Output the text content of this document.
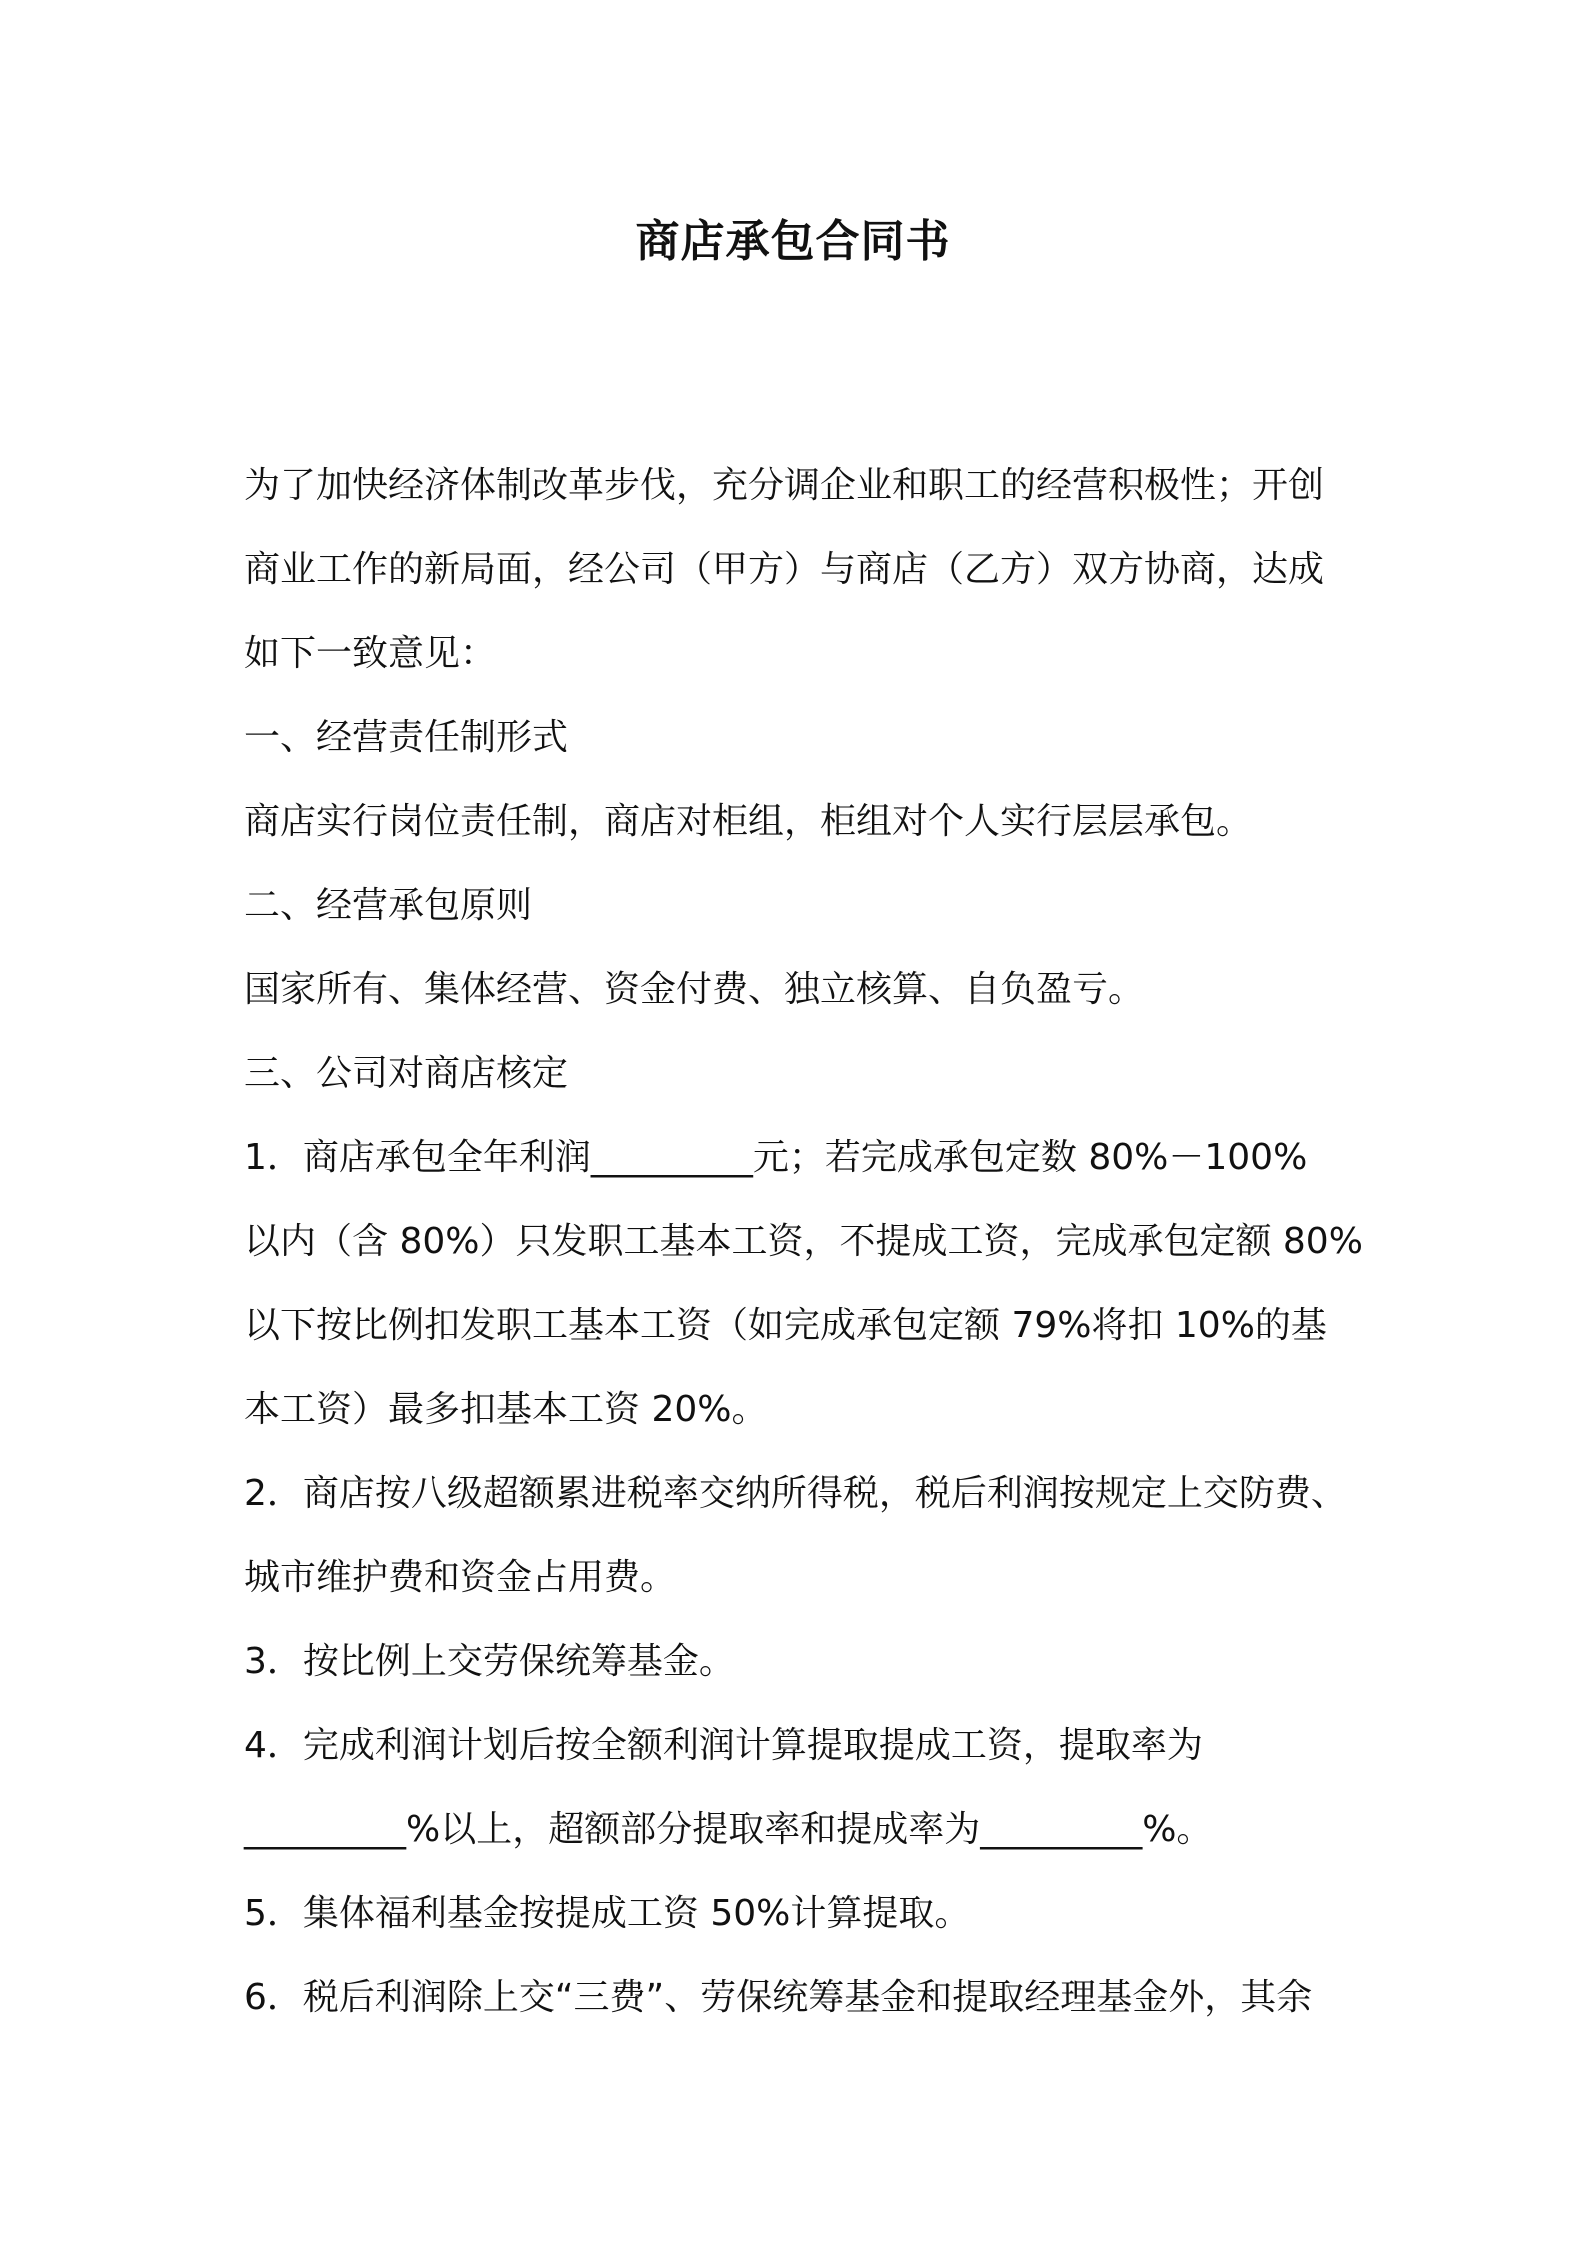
商店承包合同书
为了加快经济体制改革步伐，充分调企业和职工的经营积极性；开创
商业工作的新局面，经公司（甲方）与商店（乙方）双方协商，达成
如下一致意见：
一、经营责任制形式
商店实行岗位责任制，商店对柜组，柜组对个人实行层层承包。
二、经营承包原则
国家所有、集体经营、资金付费、独立核算、自负盈亏。
三、公司对商店核定
1．商店承包全年利润_________元；若完成承包定数 80%－100%
以内（含 80%）只发职工基本工资，不提成工资，完成承包定额 80%
以下按比例扣发职工基本工资（如完成承包定额 79%将扣 10%的基
本工资）最多扣基本工资 20%。
2．商店按八级超额累进税率交纳所得税，税后利润按规定上交防费、
城市维护费和资金占用费。
3．按比例上交劳保统筹基金。
4．完成利润计划后按全额利润计算提取提成工资，提取率为
_________%以上，超额部分提取率和提成率为_________%。
5．集体福利基金按提成工资 50%计算提取。
6．税后利润除上交“三费”、劳保统筹基金和提取经理基金外，其余
